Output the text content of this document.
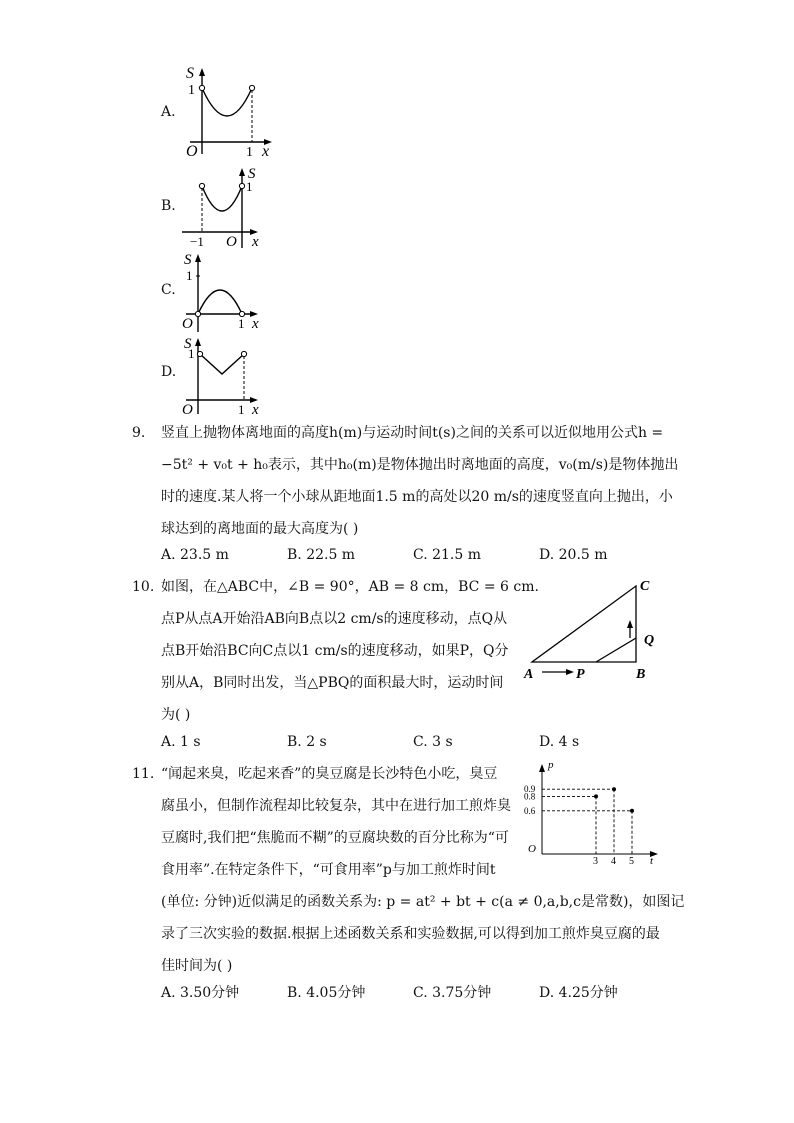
A.
S
1
O	1 x
B.
S
1
−1 O x
C.
S
1
O	1 x
D.
S
1
O	1 x
9. 竖直上抛物体离地面的高度h(m)与运动时间t(s)之间的关系可以近似地用公式h =
−5t² + v₀t + h₀表示，其中h₀(m)是物体抛出时离地面的高度，v₀(m/s)是物体抛出
时的速度.某人将一个小球从距地面1.5 m的高处以20 m/s的速度竖直向上抛出，小
球达到的离地面的最大高度为( )
A. 23.5 m	B. 22.5 m	C. 21.5 m	D. 20.5 m
10. 如图，在△ABC中，∠B = 90°，AB = 8 cm，BC = 6 cm.
点P从点A开始沿AB向B点以2 cm/s的速度移动，点Q从
点B开始沿BC向C点以1 cm/s的速度移动，如果P，Q分
别从A，B同时出发，当△PBQ的面积最大时，运动时间
为( )
C
Q
A	P	B
A. 1 s	B. 2 s	C. 3 s	D. 4 s
11. “闻起来臭，吃起来香”的臭豆腐是长沙特色小吃，臭豆
腐虽小，但制作流程却比较复杂，其中在进行加工煎炸臭
豆腐时,我们把“焦脆而不糊”的豆腐块数的百分比称为“可
食用率”.在特定条件下，“可食用率”p与加工煎炸时间t
(单位: 分钟)近似满足的函数关系为: p = at² + bt + c(a ≠ 0,a,b,c是常数)，如图记
录了三次实验的数据.根据上述函数关系和实验数据,可以得到加工煎炸臭豆腐的最
佳时间为( )
p
t
O
3 4 5
0.9
0.8
0.6
A. 3.50分钟	B. 4.05分钟	C. 3.75分钟	D. 4.25分钟
